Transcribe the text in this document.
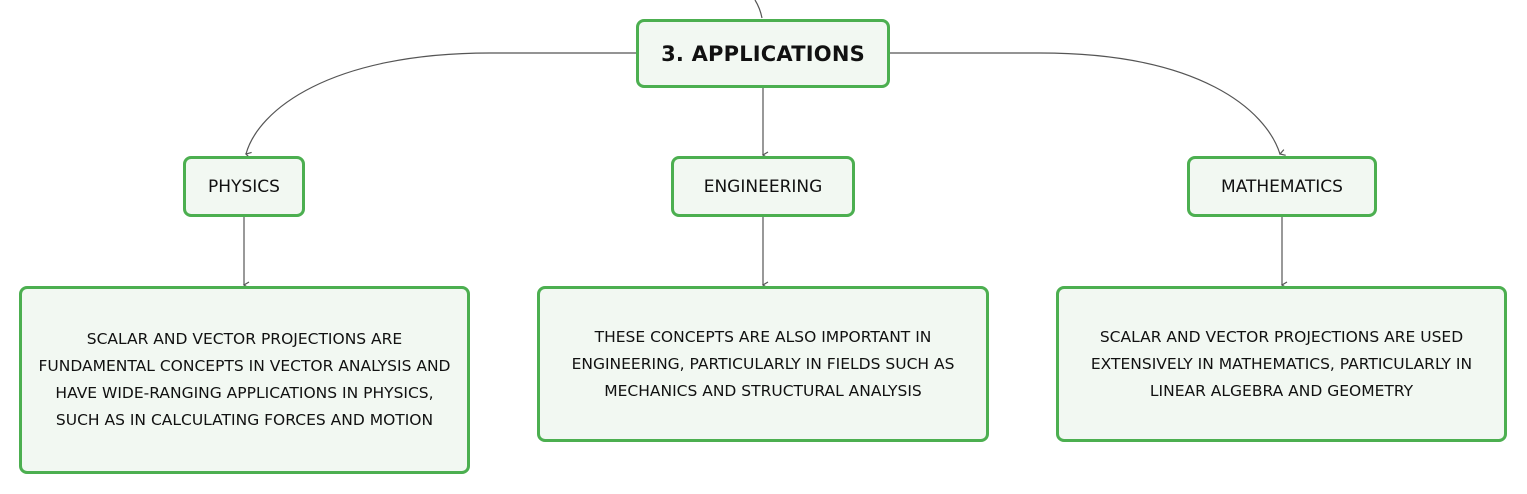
3. APPLICATIONS
PHYSICS	ENGINEERING	MATHEMATICS
SCALAR AND VECTOR PROJECTIONS ARE FUNDAMENTAL CONCEPTS IN VECTOR ANALYSIS AND HAVE WIDE-RANGING APPLICATIONS IN PHYSICS, SUCH AS IN CALCULATING FORCES AND MOTION
THESE CONCEPTS ARE ALSO IMPORTANT IN ENGINEERING, PARTICULARLY IN FIELDS SUCH AS MECHANICS AND STRUCTURAL ANALYSIS
SCALAR AND VECTOR PROJECTIONS ARE USED EXTENSIVELY IN MATHEMATICS, PARTICULARLY IN LINEAR ALGEBRA AND GEOMETRY
